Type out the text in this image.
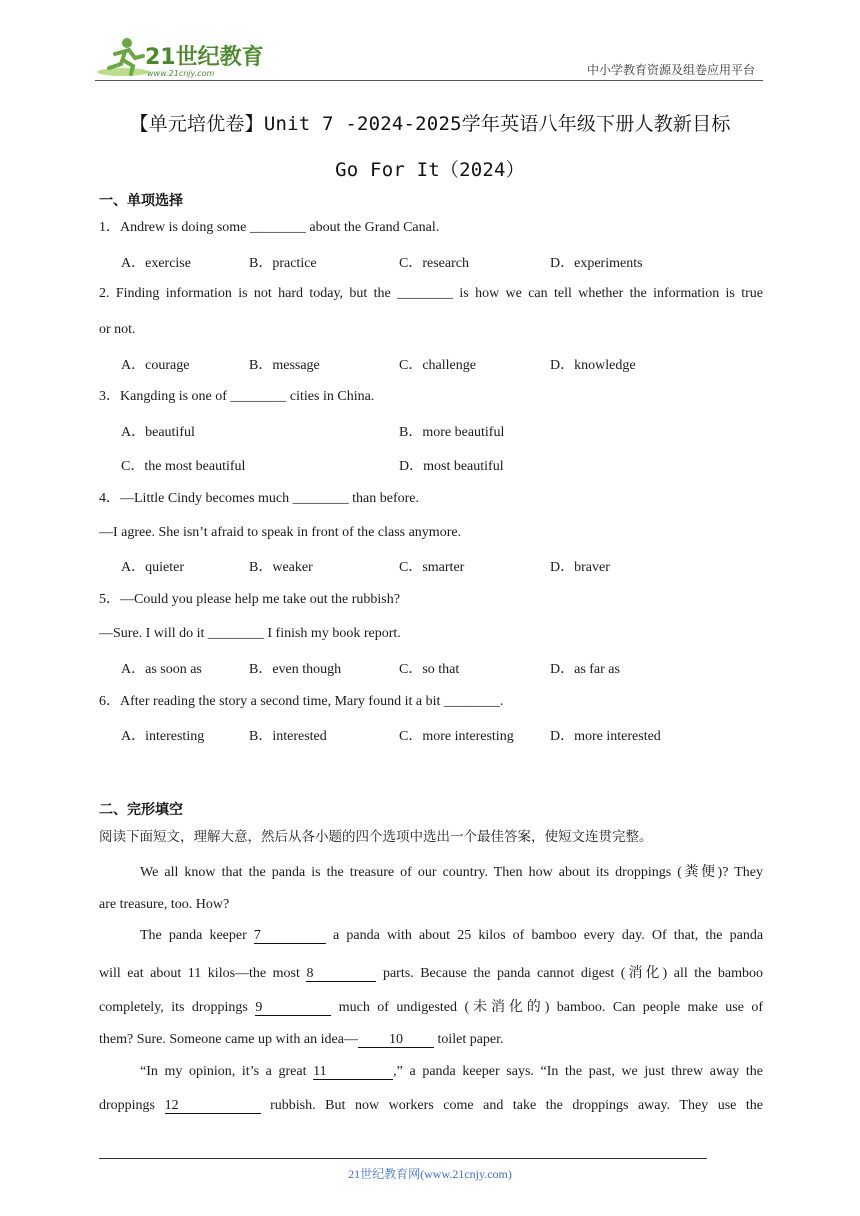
21世纪教育
www.21cnjy.com	中小学教育资源及组卷应用平台
【单元培优卷】Unit 7 -2024-2025学年英语八年级下册人教新目标
Go For It（2024）
一、单项选择
1．Andrew is doing some ________ about the Grand Canal.
A．exercise	B．practice	C．research	D．experiments
2. Finding information is not hard today, but the ________ is how we can tell whether the information is true
or not.
A．courage	B．message	C．challenge	D．knowledge
3．Kangding is one of ________ cities in China.
A．beautiful	B．more beautiful
C．the most beautiful	D．most beautiful
4．—Little Cindy becomes much ________ than before.
—I agree. She isn’t afraid to speak in front of the class anymore.
A．quieter	B．weaker	C．smarter	D．braver
5．—Could you please help me take out the rubbish?
—Sure. I will do it ________ I finish my book report.
A．as soon as	B．even though	C．so that	D．as far as
6．After reading the story a second time, Mary found it a bit ________.
A．interesting	B．interested	C．more interesting	D．more interested
二、完形填空
阅读下面短文，理解大意，然后从各小题的四个选项中选出一个最佳答案，使短文连贯完整。
We all know that the panda is the treasure of our country. Then how about its droppings (粪便)? They
are treasure, too. How?
The panda keeper 7	a panda with about 25 kilos of bamboo every day. Of that, the panda
will eat about 11 kilos—the most 8	parts. Because the panda cannot digest (消化) all the bamboo
completely, its droppings 9	much of undigested (未消化的) bamboo. Can people make use of
them? Sure. Someone came up with an idea— 10 toilet paper.
“In my opinion, it’s a great 11	,” a panda keeper says. “In the past, we just threw away the
droppings 12	rubbish. But now workers come and take the droppings away. They use the
21世纪教育网(www.21cnjy.com)
